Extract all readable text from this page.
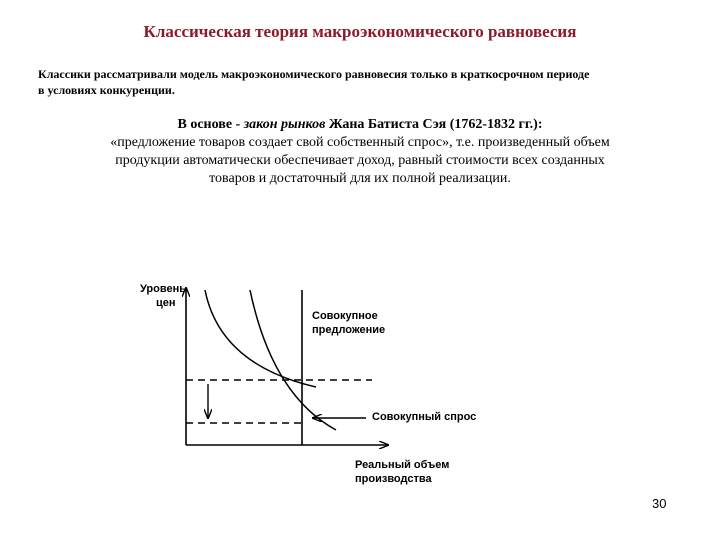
Классическая теория макроэкономического равновесия
Классики рассматривали модель макроэкономического равновесия только в краткосрочном периоде
в условиях конкуренции.
В основе - закон рынков Жана Батиста Сэя (1762-1832 гг.):
«предложение товаров создает свой собственный спрос», т.е. произведенный объем
продукции автоматически обеспечивает доход, равный стоимости всех созданных
товаров и достаточный для их полной реализации.
Уровень
цен
Совокупное
предложение
Совокупный спрос
Реальный объем
производства
30
